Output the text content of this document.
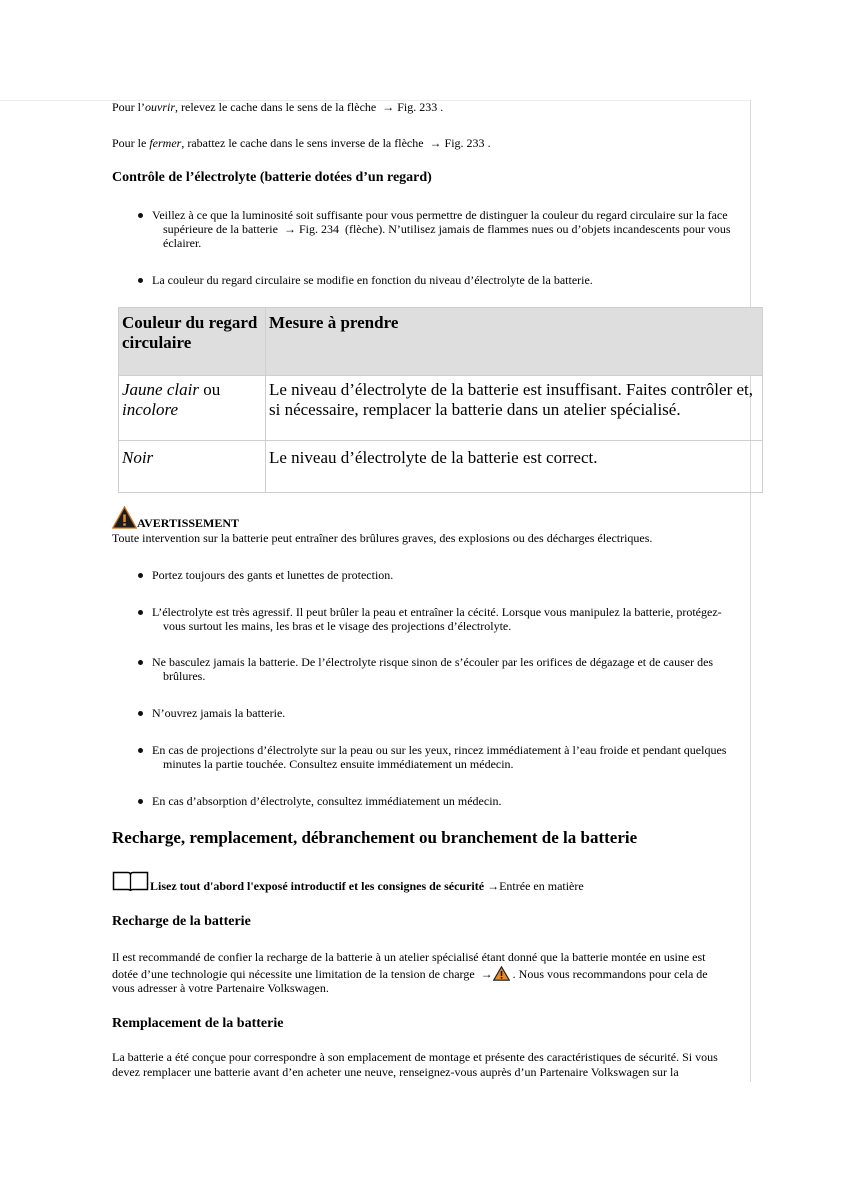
Pour l’ouvrir, relevez le cache dans le sens de la flèche  → Fig. 233 .
Pour le fermer, rabattez le cache dans le sens inverse de la flèche  → Fig. 233 .
Contrôle de l’électrolyte (batterie dotées d’un regard)
Veillez à ce que la luminosité soit suffisante pour vous permettre de distinguer la couleur du regard circulaire sur la face
supérieure de la batterie  → Fig. 234  (flèche). N’utilisez jamais de flammes nues ou d’objets incandescents pour vous
éclairer.
La couleur du regard circulaire se modifie en fonction du niveau d’électrolyte de la batterie.
Couleur du regard circulaire	Mesure à prendre
Jaune clair ou incolore	Le niveau d’électrolyte de la batterie est insuffisant. Faites contrôler et,
si nécessaire, remplacer la batterie dans un atelier spécialisé.

Noir	Le niveau d’électrolyte de la batterie est correct.
AVERTISSEMENT
Toute intervention sur la batterie peut entraîner des brûlures graves, des explosions ou des décharges électriques.
Portez toujours des gants et lunettes de protection.
L’électrolyte est très agressif. Il peut brûler la peau et entraîner la cécité. Lorsque vous manipulez la batterie, protégez-
vous surtout les mains, les bras et le visage des projections d’électrolyte.
Ne basculez jamais la batterie. De l’électrolyte risque sinon de s’écouler par les orifices de dégazage et de causer des
brûlures.
N’ouvrez jamais la batterie.
En cas de projections d’électrolyte sur la peau ou sur les yeux, rincez immédiatement à l’eau froide et pendant quelques
minutes la partie touchée. Consultez ensuite immédiatement un médecin.
En cas d’absorption d’électrolyte, consultez immédiatement un médecin.
Recharge, remplacement, débranchement ou branchement de la batterie
Lisez tout d'abord l'exposé introductif et les consignes de sécurité →Entrée en matière
Recharge de la batterie
Il est recommandé de confier la recharge de la batterie à un atelier spécialisé étant donné que la batterie montée en usine est
dotée d’une technologie qui nécessite une limitation de la tension de charge  → . Nous vous recommandons pour cela de
vous adresser à votre Partenaire Volkswagen.
Remplacement de la batterie
La batterie a été conçue pour correspondre à son emplacement de montage et présente des caractéristiques de sécurité. Si vous
devez remplacer une batterie avant d’en acheter une neuve, renseignez-vous auprès d’un Partenaire Volkswagen sur la
